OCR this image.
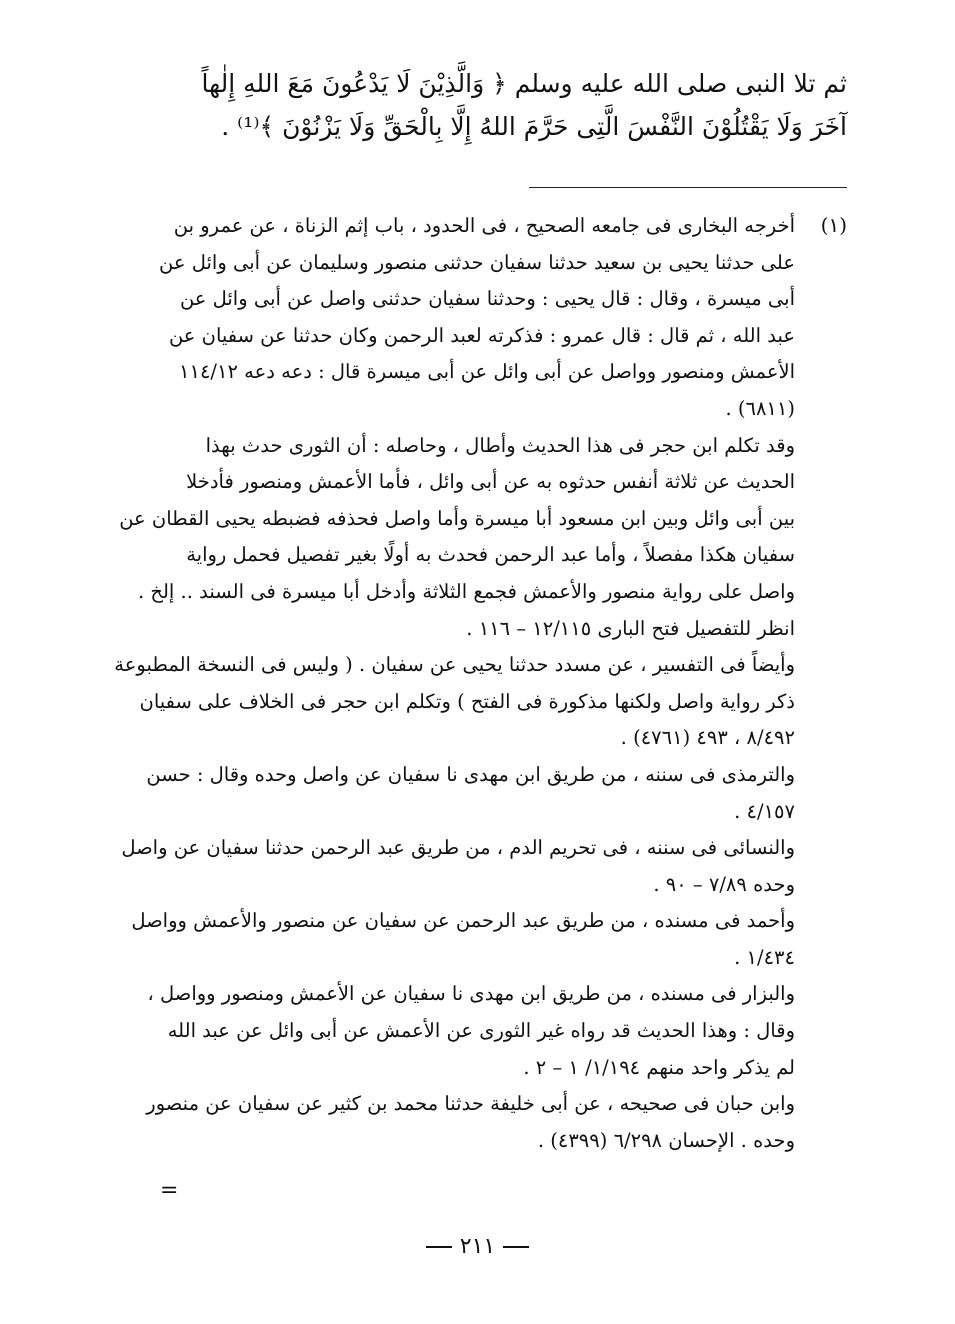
ثم تلا النبى صلى الله عليه وسلم ﴿ وَالَّذِيْنَ لَا يَدْعُونَ مَعَ اللهِ إِلٰهاً
آخَرَ وَلَا يَقْتُلُوْنَ النَّفْسَ الَّتِى حَرَّمَ اللهُ إِلَّا بِالْحَقِّ وَلَا يَزْنُوْنَ ﴾⁽¹⁾ .
(١)
أخرجه البخارى فى جامعه الصحيح ، فى الحدود ، باب إثم الزناة ، عن عمرو بن
على حدثنا يحيى بن سعيد حدثنا سفيان حدثنى منصور وسليمان عن أبى وائل عن
أبى ميسرة ، وقال : قال يحيى : وحدثنا سفيان حدثنى واصل عن أبى وائل عن
عبد الله ، ثم قال : قال عمرو : فذكرته لعبد الرحمن وكان حدثنا عن سفيان عن
الأعمش ومنصور وواصل عن أبى وائل عن أبى ميسرة قال : دعه دعه ١١٤/١٢
(٦٨١١) .
وقد تكلم ابن حجر فى هذا الحديث وأطال ، وحاصله : أن الثورى حدث بهذا
الحديث عن ثلاثة أنفس حدثوه به عن أبى وائل ، فأما الأعمش ومنصور فأدخلا
بين أبى وائل وبين ابن مسعود أبا ميسرة وأما واصل فحذفه فضبطه يحيى القطان عن
سفيان هكذا مفصلاً ، وأما عبد الرحمن فحدث به أولًا بغير تفصيل فحمل رواية
واصل على رواية منصور والأعمش فجمع الثلاثة وأدخل أبا ميسرة فى السند .. إلخ .
انظر للتفصيل فتح البارى ١٢/١١٥ – ١١٦ .
وأيضاً فى التفسير ، عن مسدد حدثنا يحيى عن سفيان . ( وليس فى النسخة المطبوعة
ذكر رواية واصل ولكنها مذكورة فى الفتح ) وتكلم ابن حجر فى الخلاف على سفيان
٨/٤٩٢ ، ٤٩٣ (٤٧٦١) .
والترمذى فى سننه ، من طريق ابن مهدى نا سفيان عن واصل وحده وقال : حسن
٤/١٥٧ .
والنسائى فى سننه ، فى تحريم الدم ، من طريق عبد الرحمن حدثنا سفيان عن واصل
وحده ٧/٨٩ – ٩٠ .
وأحمد فى مسنده ، من طريق عبد الرحمن عن سفيان عن منصور والأعمش وواصل
١/٤٣٤ .
والبزار فى مسنده ، من طريق ابن مهدى نا سفيان عن الأعمش ومنصور وواصل ،
وقال : وهذا الحديث قد رواه غير الثورى عن الأعمش عن أبى وائل عن عبد الله
لم يذكر واحد منهم ١/١٩٤/ ١ – ٢ .
وابن حبان فى صحيحه ، عن أبى خليفة حدثنا محمد بن كثير عن سفيان عن منصور
وحده . الإحسان ٦/٢٩٨ (٤٣٩٩) .
=
٢١١
